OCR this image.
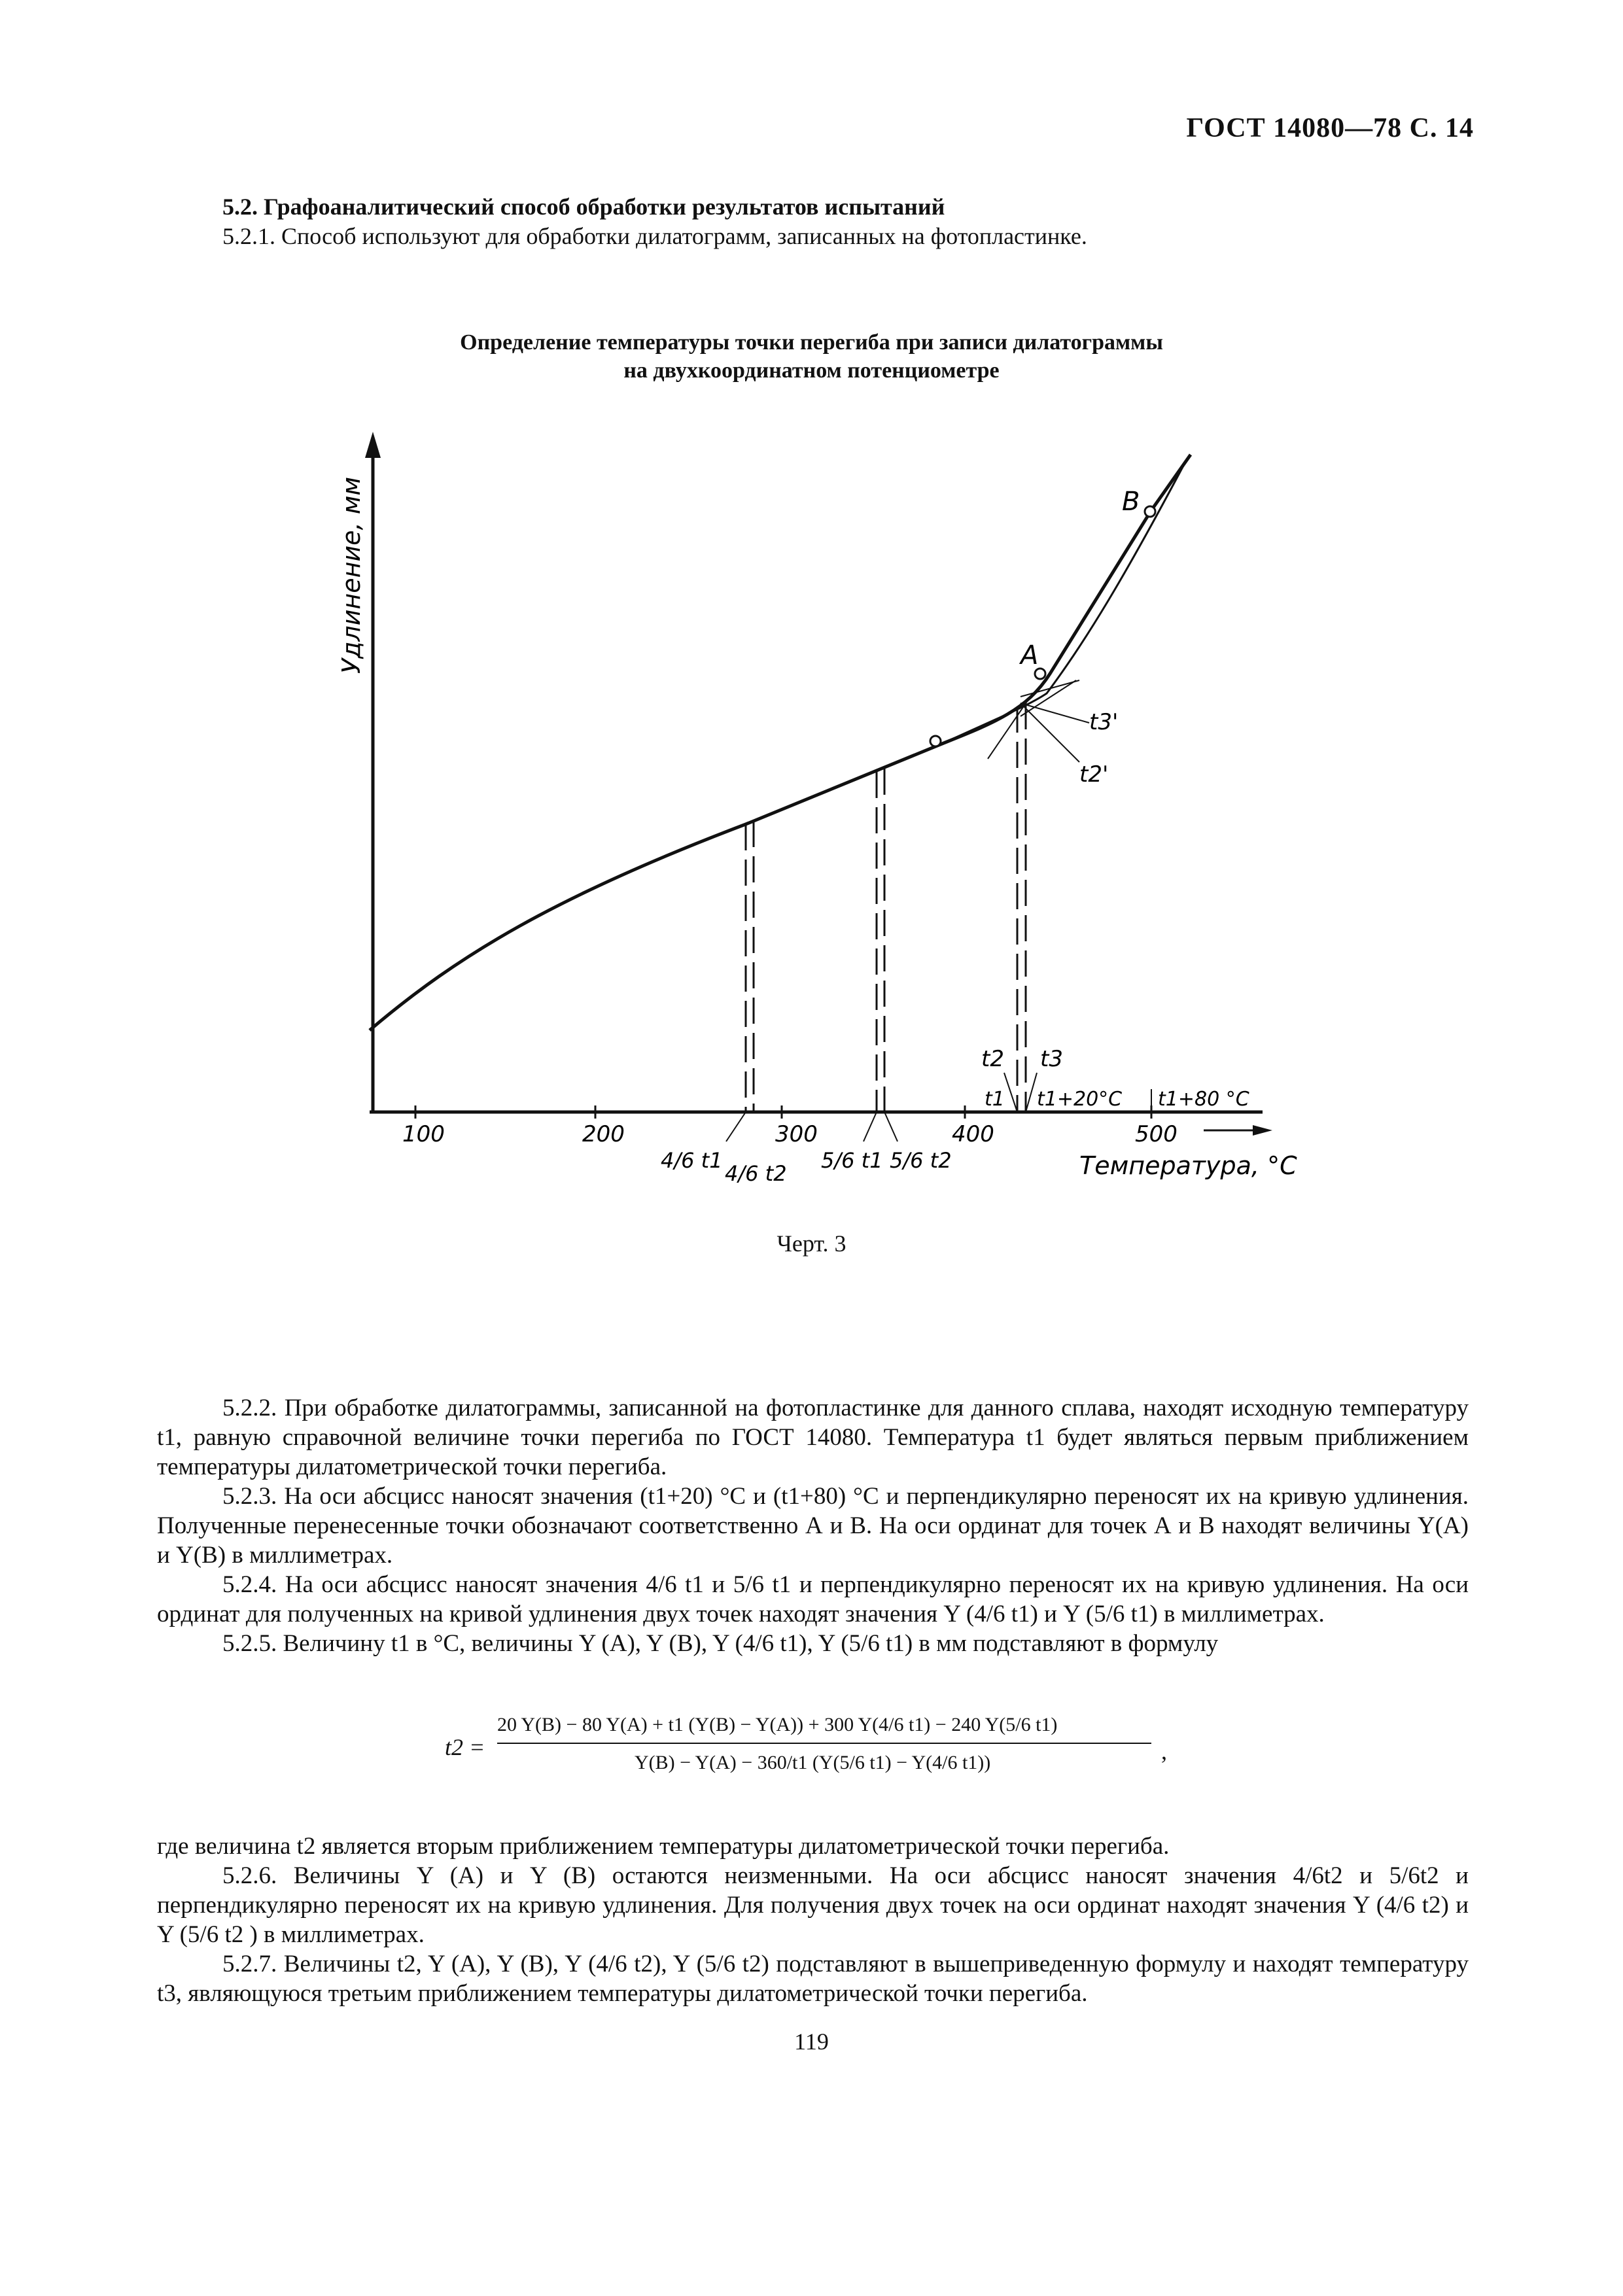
ГОСТ 14080—78 С. 14
5.2. Графоаналитический способ обработки результатов испытаний
5.2.1. Способ используют для обработки дилатограмм, записанных на фотопластинке.
Определение температуры точки перегиба при записи дилатограммы
на двухкоординатном потенциометре
100	200	300	400	500
Температура, °С
Удлинение, мм	A
B
t3'
t2'
t2 t3
t1 t1+20°С t1+80 °С
4/6 t1
4/6 t2
5/6 t1 5/6 t2
Черт. 3

5.2.2. При обработке дилатограммы, записанной на фотопластинке для данного сплава, находят исходную температуру t1, равную справочной величине точки перегиба по ГОСТ 14080. Температура t1 будет являться первым приближением температуры дилатометрической точки перегиба.

5.2.3. На оси абсцисс наносят значения (t1+20) °С и (t1+80) °С и перпендикулярно переносят их на кривую удлинения. Полученные перенесенные точки обозначают соответственно А и В. На оси ординат для точек А и В находят величины Y(A) и Y(B) в миллиметрах.

5.2.4. На оси абсцисс наносят значения 4/6 t1 и 5/6 t1 и перпендикулярно переносят их на кривую удлинения. На оси ординат для полученных на кривой удлинения двух точек находят значения Y (4/6 t1) и Y (5/6 t1) в миллиметрах.

5.2.5. Величину t1 в °С, величины Y (A), Y (B), Y (4/6 t1), Y (5/6 t1) в мм подставляют в формулу

t2 =
20 Y(B) − 80 Y(A) + t1 (Y(B) − Y(A)) + 300 Y(4/6 t1) − 240 Y(5/6 t1)
Y(B) − Y(A) − 360/t1 (Y(5/6 t1) − Y(4/6 t1))	,

где величина t2 является вторым приближением температуры дилатометрической точки перегиба.

5.2.6. Величины Y (A) и Y (B) остаются неизменными. На оси абсцисс наносят значения 4/6t2 и 5/6t2 и перпендикулярно переносят их на кривую удлинения. Для получения двух точек на оси ординат находят значения Y (4/6 t2) и Y (5/6 t2 ) в миллиметрах.

5.2.7. Величины t2, Y (A), Y (B), Y (4/6 t2), Y (5/6 t2) подставляют в вышеприведенную формулу и находят температуру t3, являющуюся третьим приближением температуры дилатометрической точки перегиба.

119
